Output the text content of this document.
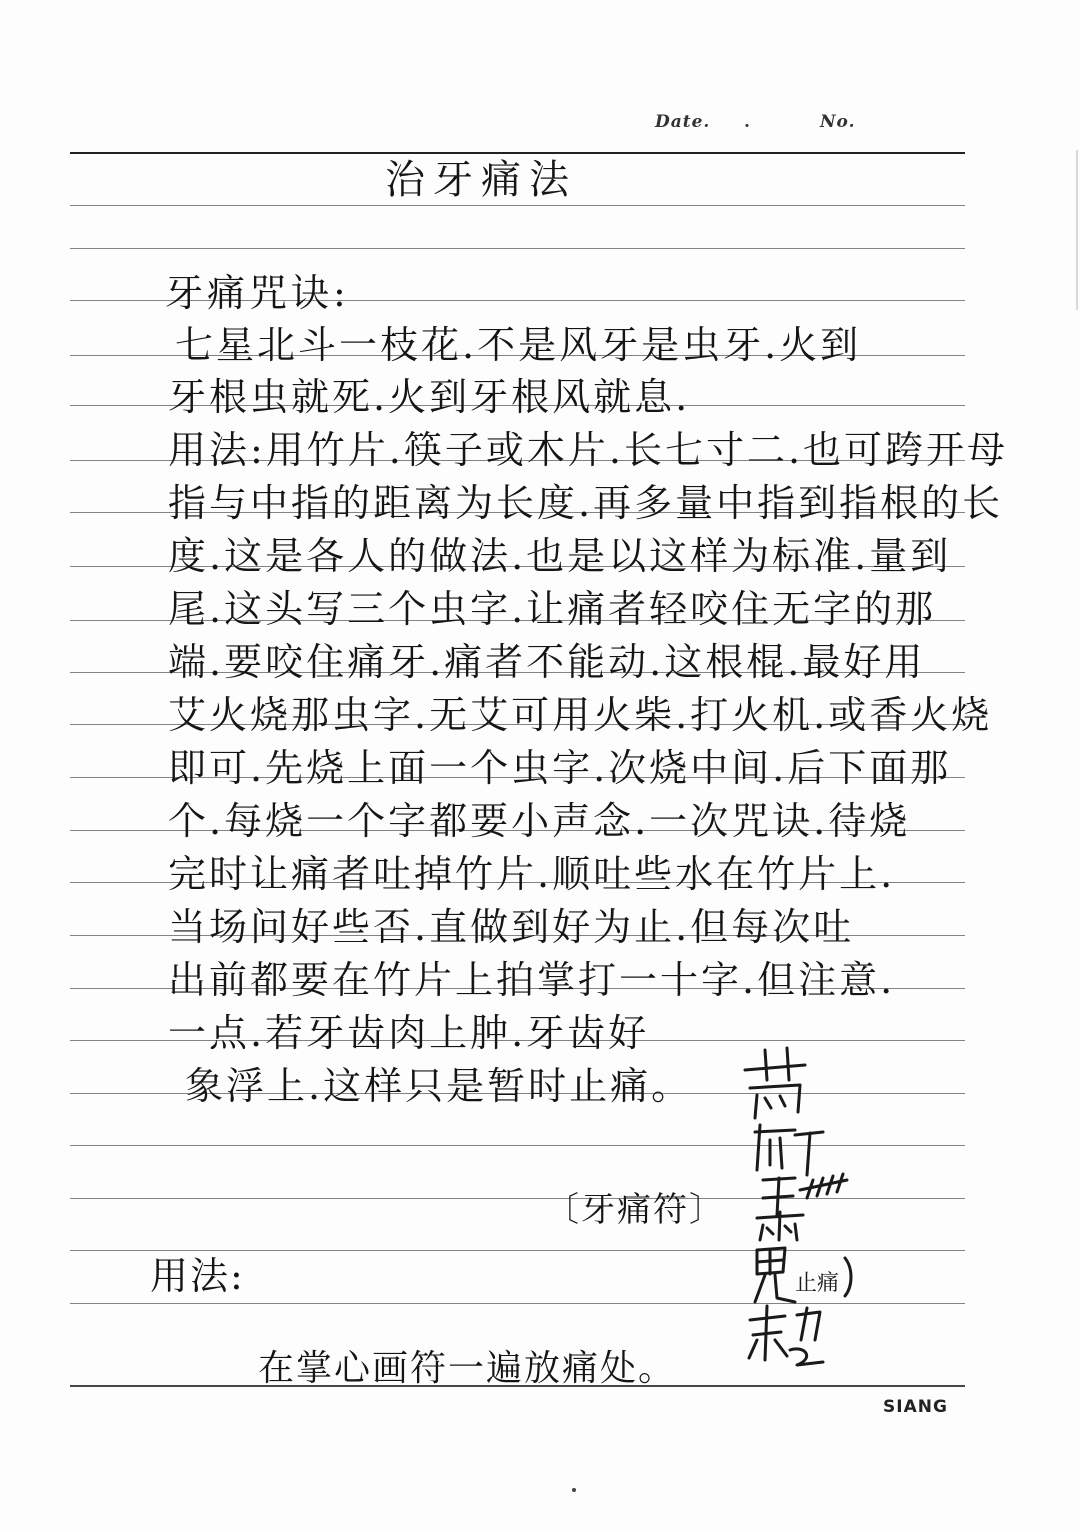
Date. .	No.
治牙痛法
牙痛咒诀:
七星北斗一枝花.不是风牙是虫牙.火到
牙根虫就死.火到牙根风就息.
用法:用竹片.筷子或木片.长七寸二.也可跨开母
指与中指的距离为长度.再多量中指到指根的长
度.这是各人的做法.也是以这样为标准.量到
尾.这头写三个虫字.让痛者轻咬住无字的那
端.要咬住痛牙.痛者不能动.这根棍.最好用
艾火烧那虫字.无艾可用火柴.打火机.或香火烧
即可.先烧上面一个虫字.次烧中间.后下面那
个.每烧一个字都要小声念.一次咒诀.待烧
完时让痛者吐掉竹片.顺吐些水在竹片上.
当场问好些否.直做到好为止.但每次吐
出前都要在竹片上拍掌打一十字.但注意.
一点.若牙齿肉上肿.牙齿好
象浮上.这样只是暂时止痛。
止痛
〔牙痛符〕
用法:
在掌心画符一遍放痛处。
SIANG
